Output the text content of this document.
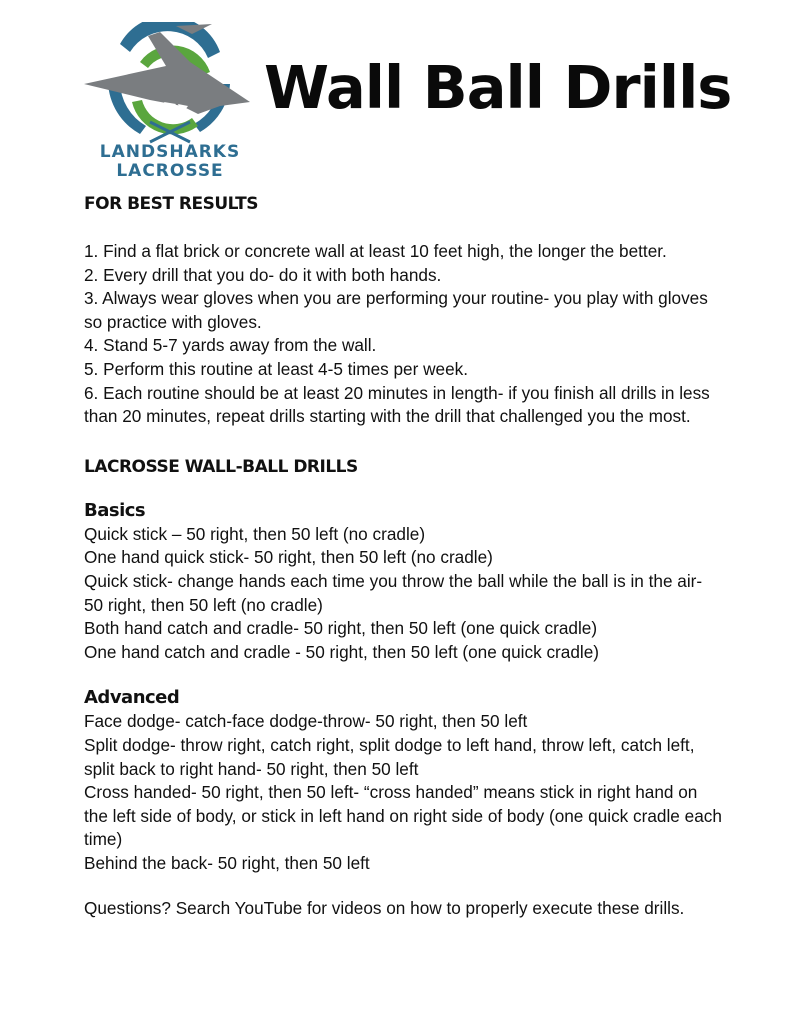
LANDSHARKS
LACROSSE
Wall Ball Drills
FOR BEST RESULTS

1. Find a flat brick or concrete wall at least 10 feet high, the longer the better.

2. Every drill that you do- do it with both hands.

3. Always wear gloves when you are performing your routine- you play with gloves so practice with gloves.

4. Stand 5-7 yards away from the wall.

5. Perform this routine at least 4-5 times per week.

6. Each routine should be at least 20 minutes in length- if you finish all drills in less than 20 minutes, repeat drills starting with the drill that challenged you the most.

LACROSSE WALL-BALL DRILLS
Basics

Quick stick – 50 right, then 50 left (no cradle)

One hand quick stick- 50 right, then 50 left (no cradle)

Quick stick- change hands each time you throw the ball while the ball is in the air- 50 right, then 50 left (no cradle)

Both hand catch and cradle- 50 right, then 50 left (one quick cradle)

One hand catch and cradle - 50 right, then 50 left (one quick cradle)

Advanced

Face dodge- catch-face dodge-throw- 50 right, then 50 left

Split dodge- throw right, catch right, split dodge to left hand, throw left, catch left, split back to right hand- 50 right, then 50 left

Cross handed- 50 right, then 50 left- “cross handed” means stick in right hand on the left side of body, or stick in left hand on right side of body (one quick cradle each time)

Behind the back- 50 right, then 50 left

Questions? Search YouTube for videos on how to properly execute these drills.
